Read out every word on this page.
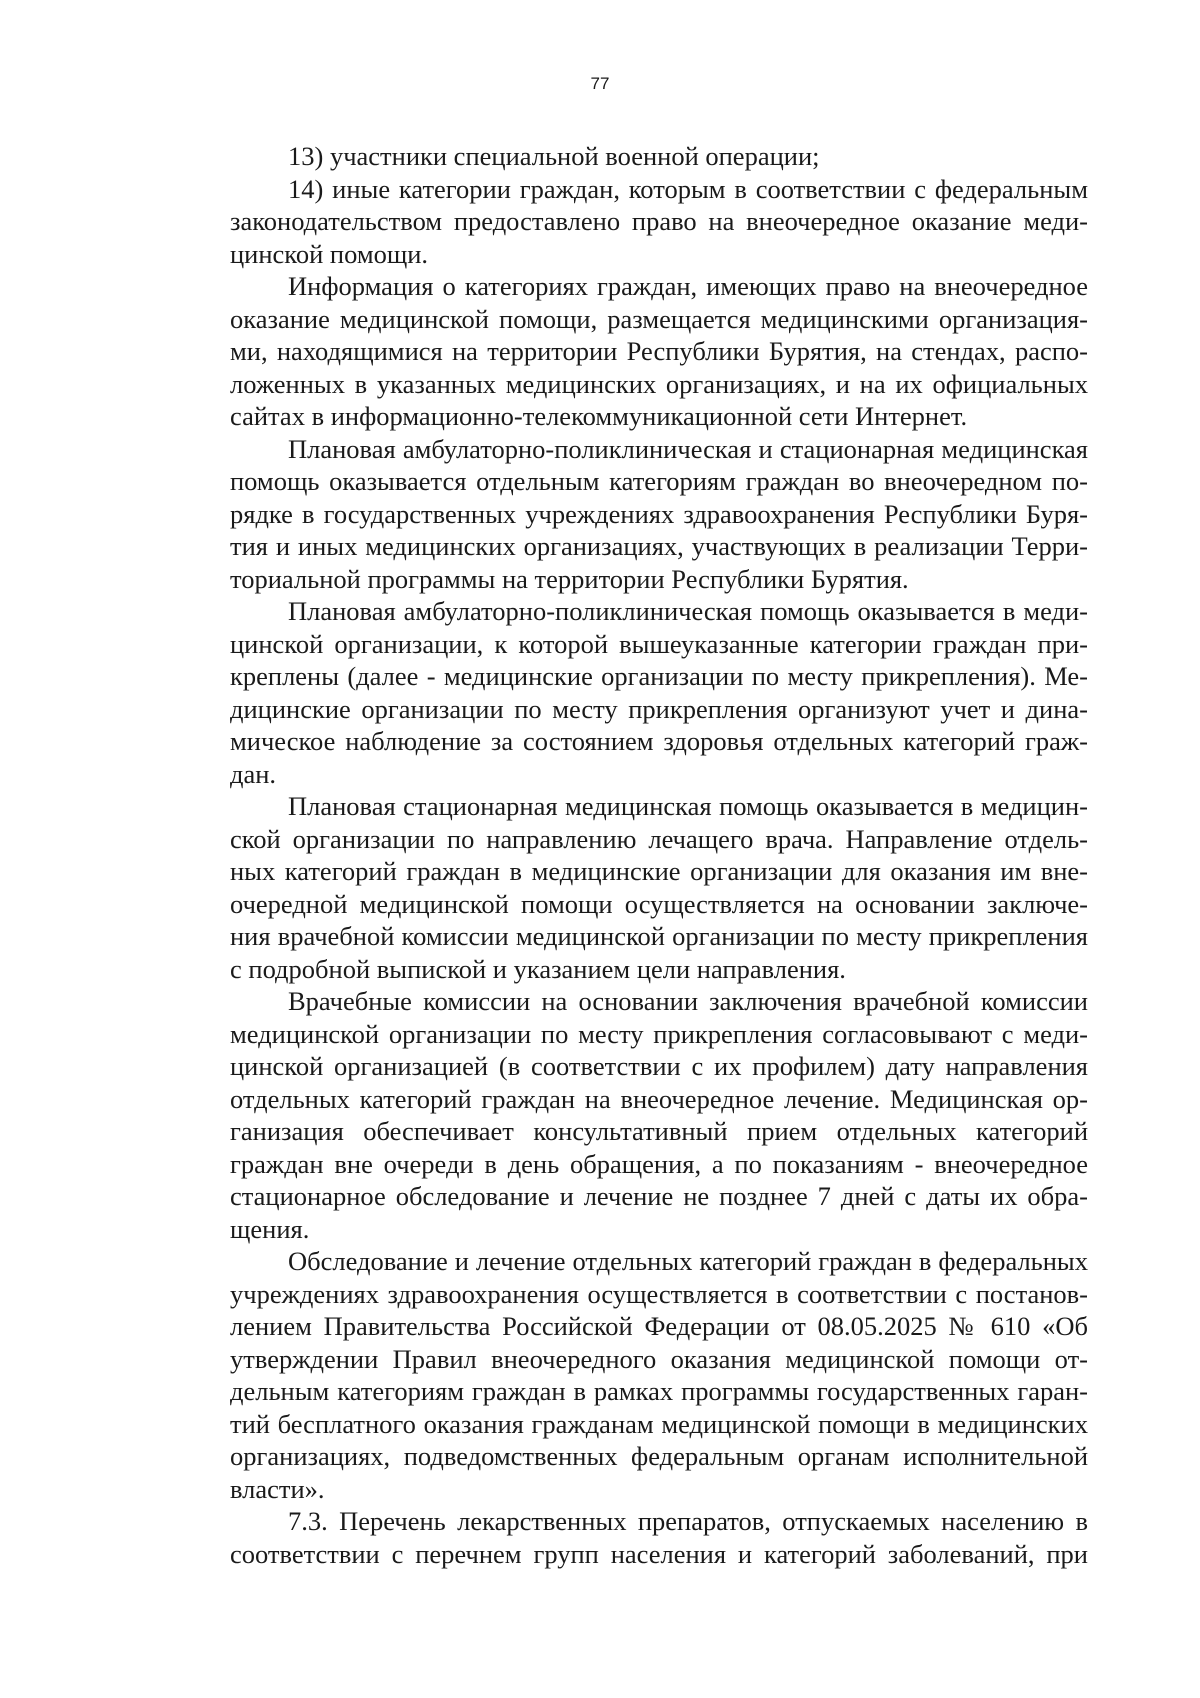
77
13) участники специальной военной операции;
14) иные категории граждан, которым в соответствии с федеральным
законодательством предоставлено право на внеочередное оказание меди-
цинской помощи.
Информация о категориях граждан, имеющих право на внеочередное
оказание медицинской помощи, размещается медицинскими организация-
ми, находящимися на территории Республики Бурятия, на стендах, распо-
ложенных в указанных медицинских организациях, и на их официальных
сайтах в информационно-телекоммуникационной сети Интернет.
Плановая амбулаторно-поликлиническая и стационарная медицинская
помощь оказывается отдельным категориям граждан во внеочередном по-
рядке в государственных учреждениях здравоохранения Республики Буря-
тия и иных медицинских организациях, участвующих в реализации Терри-
ториальной программы на территории Республики Бурятия.
Плановая амбулаторно-поликлиническая помощь оказывается в меди-
цинской организации, к которой вышеуказанные категории граждан при-
креплены (далее - медицинские организации по месту прикрепления). Ме-
дицинские организации по месту прикрепления организуют учет и дина-
мическое наблюдение за состоянием здоровья отдельных категорий граж-
дан.
Плановая стационарная медицинская помощь оказывается в медицин-
ской организации по направлению лечащего врача. Направление отдель-
ных категорий граждан в медицинские организации для оказания им вне-
очередной медицинской помощи осуществляется на основании заключе-
ния врачебной комиссии медицинской организации по месту прикрепления
с подробной выпиской и указанием цели направления.
Врачебные комиссии на основании заключения врачебной комиссии
медицинской организации по месту прикрепления согласовывают с меди-
цинской организацией (в соответствии с их профилем) дату направления
отдельных категорий граждан на внеочередное лечение. Медицинская ор-
ганизация обеспечивает консультативный прием отдельных категорий
граждан вне очереди в день обращения, а по показаниям - внеочередное
стационарное обследование и лечение не позднее 7 дней с даты их обра-
щения.
Обследование и лечение отдельных категорий граждан в федеральных
учреждениях здравоохранения осуществляется в соответствии с постанов-
лением Правительства Российской Федерации от 08.05.2025 № 610 «Об
утверждении Правил внеочередного оказания медицинской помощи от-
дельным категориям граждан в рамках программы государственных гаран-
тий бесплатного оказания гражданам медицинской помощи в медицинских
организациях, подведомственных федеральным органам исполнительной
власти».
7.3. Перечень лекарственных препаратов, отпускаемых населению в
соответствии с перечнем групп населения и категорий заболеваний, при
